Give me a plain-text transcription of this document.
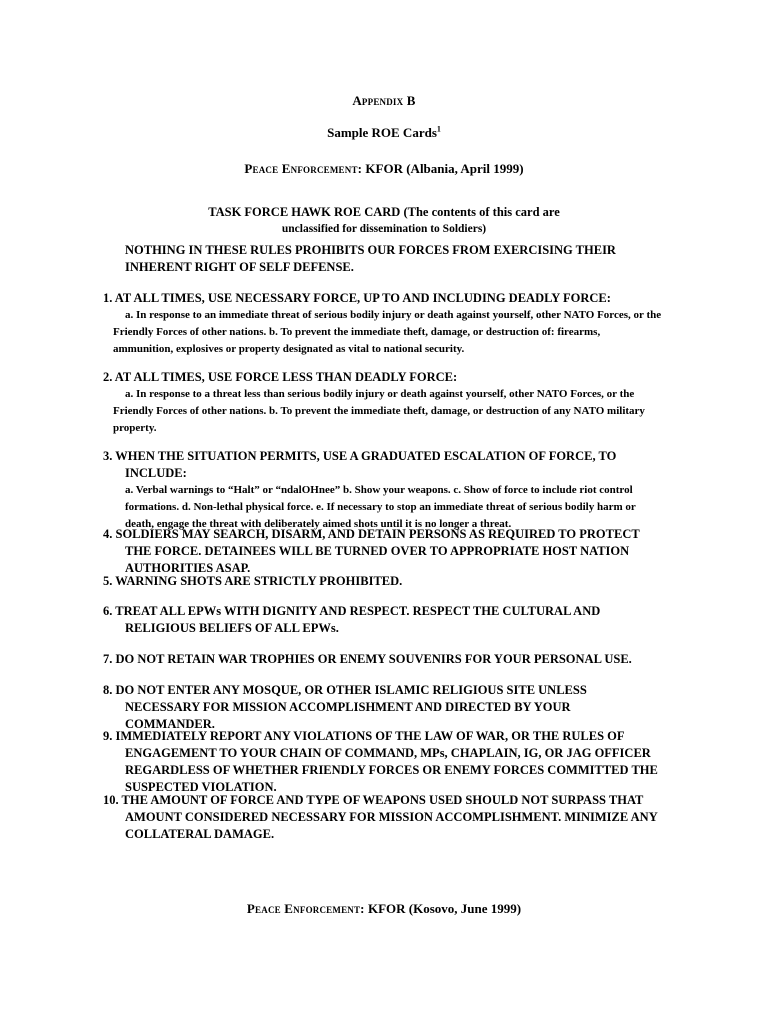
Appendix B
Sample ROE Cards$^1$
Peace Enforcement: KFOR (Albania, April 1999)
TASK FORCE HAWK ROE CARD (The contents of this card are
unclassified for dissemination to Soldiers)
NOTHING IN THESE RULES PROHIBITS OUR FORCES FROM EXERCISING THEIR INHERENT RIGHT OF SELF DEFENSE.
1. AT ALL TIMES, USE NECESSARY FORCE, UP TO AND INCLUDING DEADLY FORCE:
a. In response to an immediate threat of serious bodily injury or death against yourself, other NATO Forces, or the Friendly Forces of other nations. b. To prevent the immediate theft, damage, or destruction of: firearms, ammunition, explosives or property designated as vital to national security.
2. AT ALL TIMES, USE FORCE LESS THAN DEADLY FORCE:
a. In response to a threat less than serious bodily injury or death against yourself, other NATO Forces, or the Friendly Forces of other nations. b. To prevent the immediate theft, damage, or destruction of any NATO military property.
3. WHEN THE SITUATION PERMITS, USE A GRADUATED ESCALATION OF FORCE, TO INCLUDE:
a. Verbal warnings to “Halt” or “ndalOHnee” b. Show your weapons. c. Show of force to include riot control formations. d. Non-lethal physical force. e. If necessary to stop an immediate threat of serious bodily harm or death, engage the threat with deliberately aimed shots until it is no longer a threat.
4. SOLDIERS MAY SEARCH, DISARM, AND DETAIN PERSONS AS REQUIRED TO PROTECT THE FORCE. DETAINEES WILL BE TURNED OVER TO APPROPRIATE HOST NATION AUTHORITIES ASAP.
5. WARNING SHOTS ARE STRICTLY PROHIBITED.
6. TREAT ALL EPWs WITH DIGNITY AND RESPECT. RESPECT THE CULTURAL AND RELIGIOUS BELIEFS OF ALL EPWs.
7. DO NOT RETAIN WAR TROPHIES OR ENEMY SOUVENIRS FOR YOUR PERSONAL USE.
8. DO NOT ENTER ANY MOSQUE, OR OTHER ISLAMIC RELIGIOUS SITE UNLESS NECESSARY FOR MISSION ACCOMPLISHMENT AND DIRECTED BY YOUR COMMANDER.
9. IMMEDIATELY REPORT ANY VIOLATIONS OF THE LAW OF WAR, OR THE RULES OF ENGAGEMENT TO YOUR CHAIN OF COMMAND, MPs, CHAPLAIN, IG, OR JAG OFFICER REGARDLESS OF WHETHER FRIENDLY FORCES OR ENEMY FORCES COMMITTED THE SUSPECTED VIOLATION.
10. THE AMOUNT OF FORCE AND TYPE OF WEAPONS USED SHOULD NOT SURPASS THAT AMOUNT CONSIDERED NECESSARY FOR MISSION ACCOMPLISHMENT. MINIMIZE ANY COLLATERAL DAMAGE.
Peace Enforcement: KFOR (Kosovo, June 1999)
